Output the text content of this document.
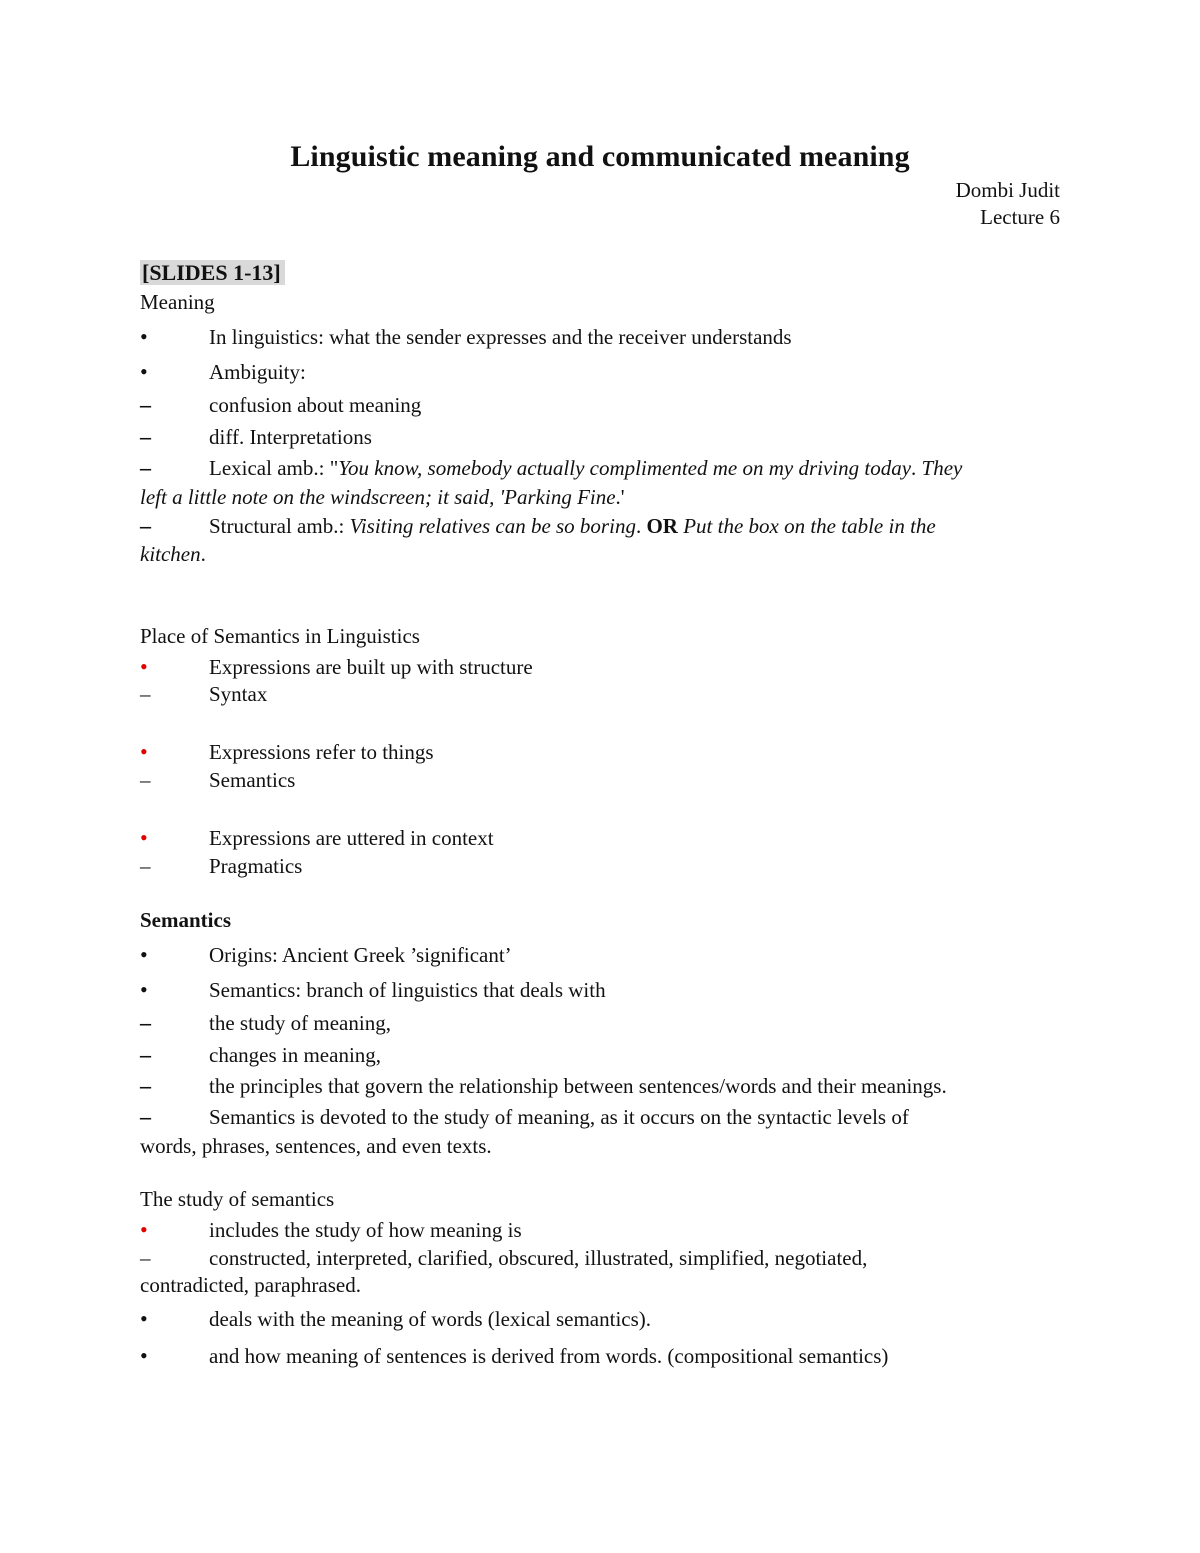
Linguistic meaning and communicated meaning
Dombi Judit
Lecture 6
[SLIDES 1-13]
Meaning
•	In linguistics: what the sender expresses and the receiver understands
•	Ambiguity:
–	confusion about meaning
–	diff. Interpretations
–	Lexical amb.: "You know, somebody actually complimented me on my driving today. They
left a little note on the windscreen; it said, 'Parking Fine.'
–	Structural amb.: Visiting relatives can be so boring. OR Put the box on the table in the
kitchen.
Place of Semantics in Linguistics
•	Expressions are built up with structure
–	Syntax
•	Expressions refer to things
–	Semantics
•	Expressions are uttered in context
–	Pragmatics
Semantics
•	Origins: Ancient Greek ’significant’
•	Semantics: branch of linguistics that deals with
–	the study of meaning,
–	changes in meaning,
–	the principles that govern the relationship between sentences/words and their meanings.
–	Semantics is devoted to the study of meaning, as it occurs on the syntactic levels of
words, phrases, sentences, and even texts.
The study of semantics
•	includes the study of how meaning is
–	constructed, interpreted, clarified, obscured, illustrated, simplified, negotiated,
contradicted, paraphrased.
•	deals with the meaning of words (lexical semantics).
•	and how meaning of sentences is derived from words. (compositional semantics)
